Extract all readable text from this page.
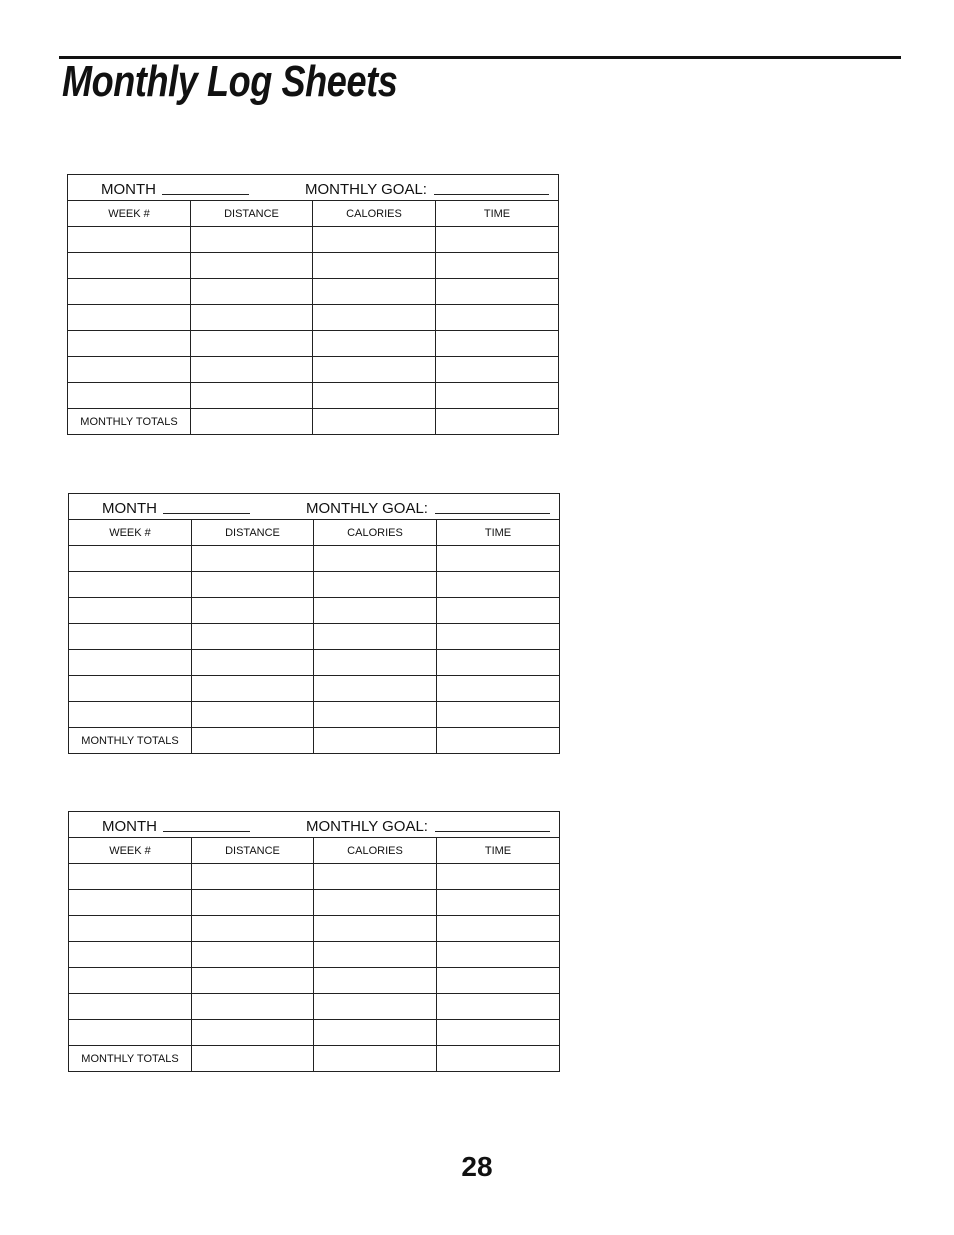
Monthly Log Sheets
MONTH MONTHLY GOAL:			

WEEK #	DISTANCE	CALORIES	TIME

MONTHLY TOTALS			
MONTH MONTHLY GOAL:			

WEEK #	DISTANCE	CALORIES	TIME

MONTHLY TOTALS			
MONTH MONTHLY GOAL:			

WEEK #	DISTANCE	CALORIES	TIME

MONTHLY TOTALS			
28
